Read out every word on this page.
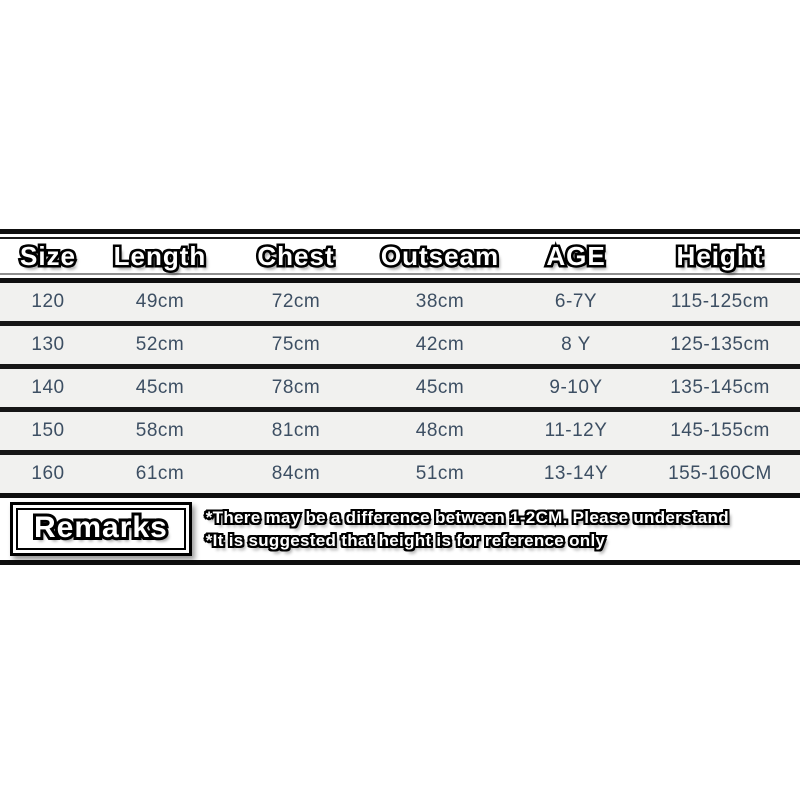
Size	Length	Chest	Outseam	AGE	Height
120	49cm	72cm	38cm	6-7Y	115-125cm
130	52cm	75cm	42cm	8 Y	125-135cm
140	45cm	78cm	45cm	9-10Y	135-145cm
150	58cm	81cm	48cm	11-12Y	145-155cm
160	61cm	84cm	51cm	13-14Y	155-160CM
Remarks	*There may be a difference between 1-2CM. Please understand
*It is suggested that height is for reference only
